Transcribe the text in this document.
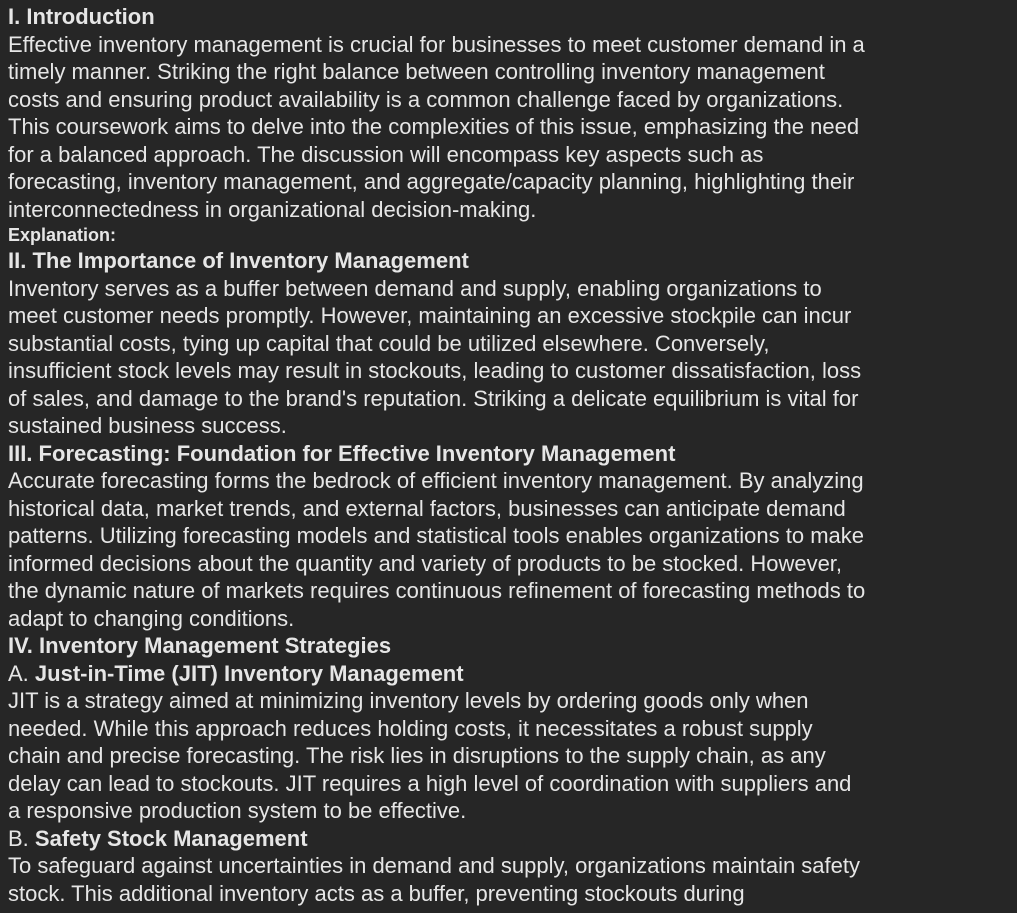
I. Introduction
Effective inventory management is crucial for businesses to meet customer demand in a
timely manner. Striking the right balance between controlling inventory management
costs and ensuring product availability is a common challenge faced by organizations.
This coursework aims to delve into the complexities of this issue, emphasizing the need
for a balanced approach. The discussion will encompass key aspects such as
forecasting, inventory management, and aggregate/capacity planning, highlighting their
interconnectedness in organizational decision-making.
Explanation:
II. The Importance of Inventory Management
Inventory serves as a buffer between demand and supply, enabling organizations to
meet customer needs promptly. However, maintaining an excessive stockpile can incur
substantial costs, tying up capital that could be utilized elsewhere. Conversely,
insufficient stock levels may result in stockouts, leading to customer dissatisfaction, loss
of sales, and damage to the brand's reputation. Striking a delicate equilibrium is vital for
sustained business success.
III. Forecasting: Foundation for Effective Inventory Management
Accurate forecasting forms the bedrock of efficient inventory management. By analyzing
historical data, market trends, and external factors, businesses can anticipate demand
patterns. Utilizing forecasting models and statistical tools enables organizations to make
informed decisions about the quantity and variety of products to be stocked. However,
the dynamic nature of markets requires continuous refinement of forecasting methods to
adapt to changing conditions.
IV. Inventory Management Strategies
A. Just-in-Time (JIT) Inventory Management
JIT is a strategy aimed at minimizing inventory levels by ordering goods only when
needed. While this approach reduces holding costs, it necessitates a robust supply
chain and precise forecasting. The risk lies in disruptions to the supply chain, as any
delay can lead to stockouts. JIT requires a high level of coordination with suppliers and
a responsive production system to be effective.
B. Safety Stock Management
To safeguard against uncertainties in demand and supply, organizations maintain safety
stock. This additional inventory acts as a buffer, preventing stockouts during
